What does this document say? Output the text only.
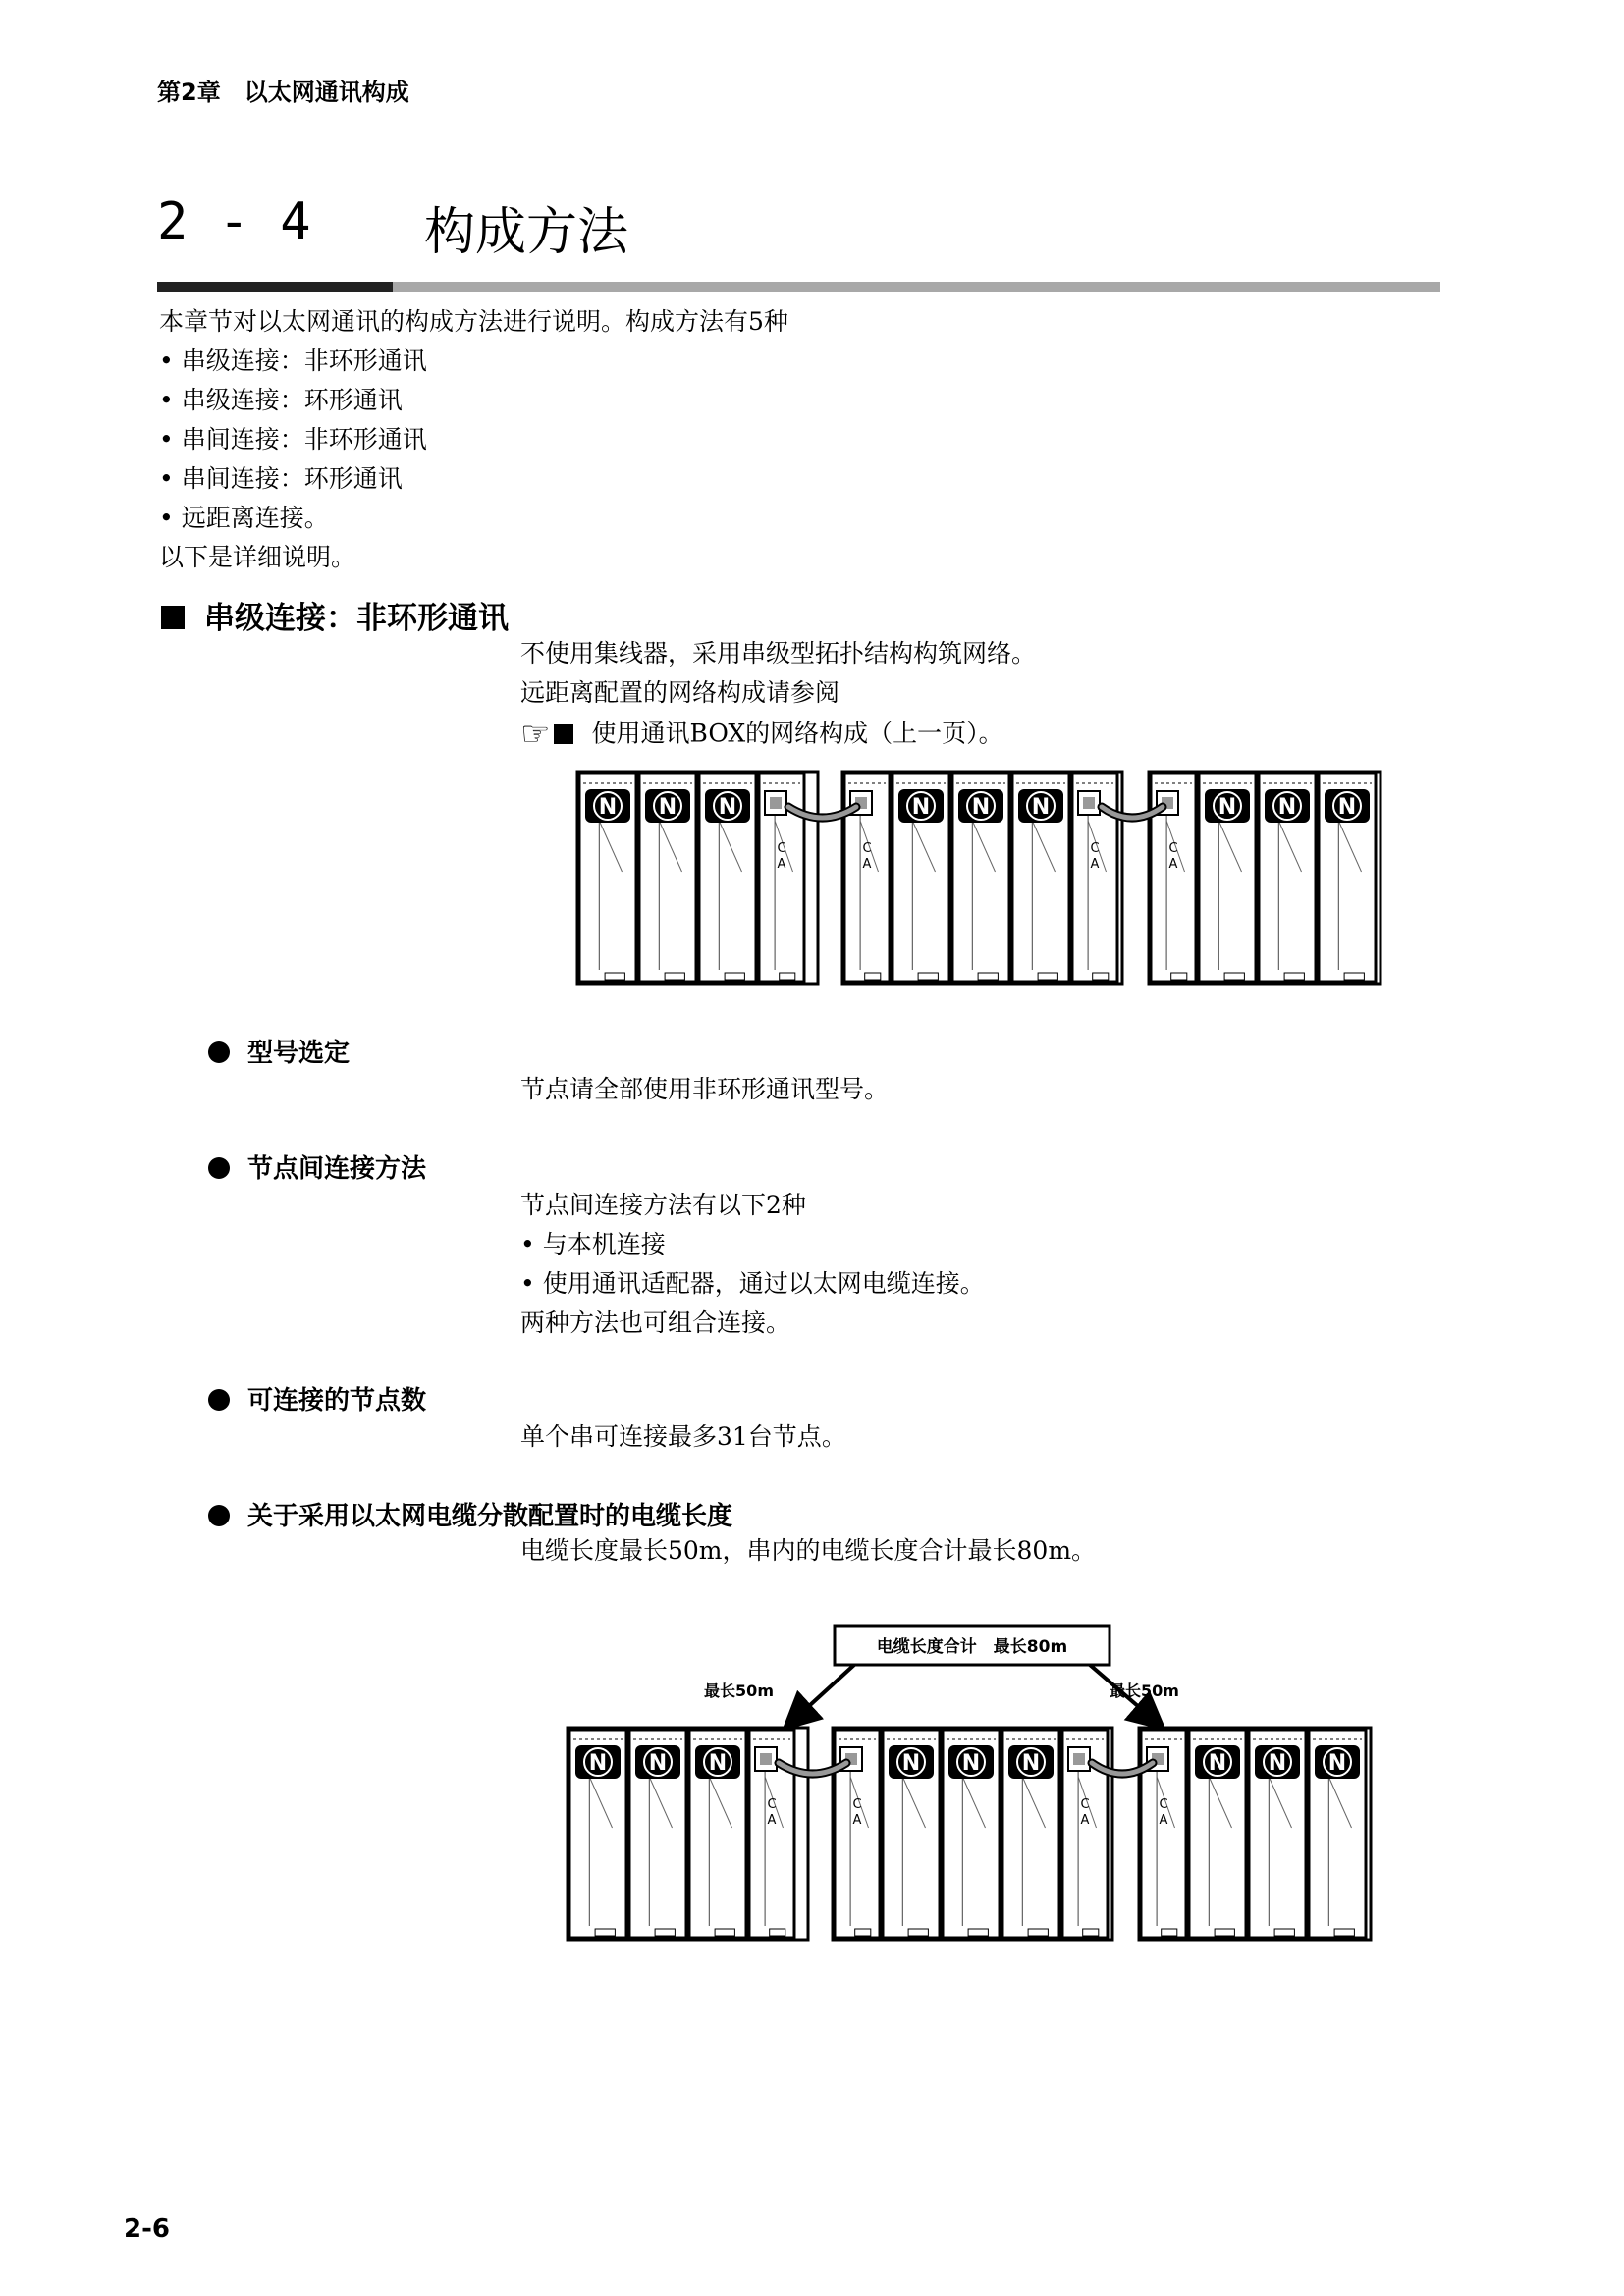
第2章　以太网通讯构成
2 - 4 构成方法
本章节对以太网通讯的构成方法进行说明。构成方法有5种
• 串级连接：非环形通讯
• 串级连接：环形通讯
• 串间连接：非环形通讯
• 串间连接：环形通讯
• 远距离连接。
以下是详细说明。
串级连接：非环形通讯
不使用集线器，采用串级型拓扑结构构筑网络。
远距离配置的网络构成请参阅
☞ 使用通讯BOX的网络构成（上一页）。
N N N
C
A
C
A
N N N
C
A
C
A
N N N
型号选定
节点请全部使用非环形通讯型号。
节点间连接方法
节点间连接方法有以下2种
• 与本机连接
• 使用通讯适配器，通过以太网电缆连接。
两种方法也可组合连接。
可连接的节点数
单个串可连接最多31台节点。
关于采用以太网电缆分散配置时的电缆长度
电缆长度最长50m，串内的电缆长度合计最长80m。
电缆长度合计　最长80m
最长50m	最长50m
N N N
C
A
C
A
N N N
C
A
C
A
N N N
2-6
